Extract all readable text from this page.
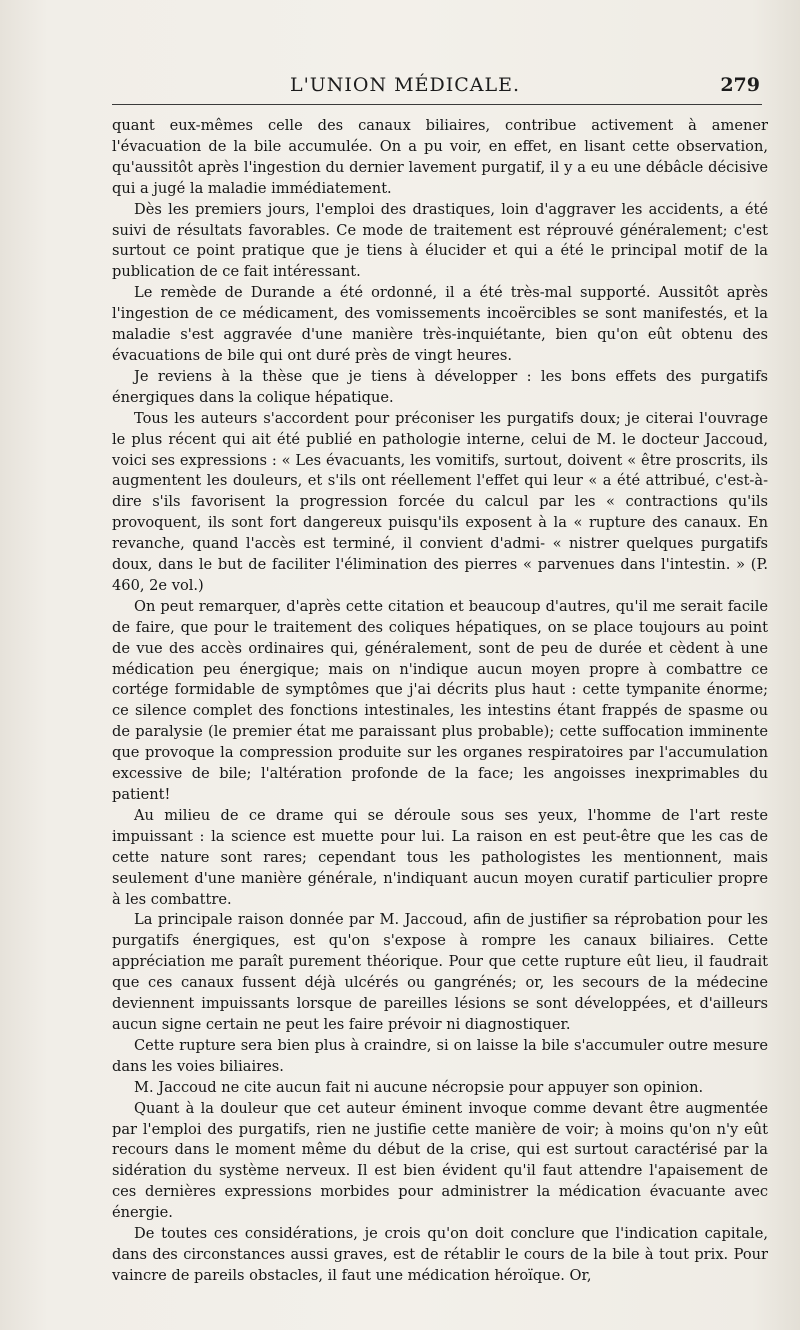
L'UNION MÉDICALE.	279

quant eux-mêmes celle des canaux biliaires, contribue activement à amener l'évacuation de la bile accumulée. On a pu voir, en effet, en lisant cette observation, qu'aussitôt après l'ingestion du dernier lavement purgatif, il y a eu une débâcle décisive qui a jugé la maladie immédiatement.

Dès les premiers jours, l'emploi des drastiques, loin d'aggraver les accidents, a été suivi de résultats favorables. Ce mode de traitement est réprouvé généralement; c'est surtout ce point pratique que je tiens à élucider et qui a été le principal motif de la publication de ce fait intéressant.

Le remède de Durande a été ordonné, il a été très-mal supporté. Aussitôt après l'ingestion de ce médicament, des vomissements incoërcibles se sont manifestés, et la maladie s'est aggravée d'une manière très-inquiétante, bien qu'on eût obtenu des évacuations de bile qui ont duré près de vingt heures.

Je reviens à la thèse que je tiens à développer : les bons effets des purgatifs énergiques dans la colique hépatique.

Tous les auteurs s'accordent pour préconiser les purgatifs doux; je citerai l'ouvrage le plus récent qui ait été publié en pathologie interne, celui de M. le docteur Jaccoud, voici ses expressions : « Les évacuants, les vomitifs, surtout, doivent « être proscrits, ils augmentent les douleurs, et s'ils ont réellement l'effet qui leur « a été attribué, c'est-à-dire s'ils favorisent la progression forcée du calcul par les « contractions qu'ils provoquent, ils sont fort dangereux puisqu'ils exposent à la « rupture des canaux. En revanche, quand l'accès est terminé, il convient d'admi- « nistrer quelques purgatifs doux, dans le but de faciliter l'élimination des pierres « parvenues dans l'intestin. » (P. 460, 2e vol.)

On peut remarquer, d'après cette citation et beaucoup d'autres, qu'il me serait facile de faire, que pour le traitement des coliques hépatiques, on se place toujours au point de vue des accès ordinaires qui, généralement, sont de peu de durée et cèdent à une médication peu énergique; mais on n'indique aucun moyen propre à combattre ce cortége formidable de symptômes que j'ai décrits plus haut : cette tympanite énorme; ce silence complet des fonctions intestinales, les intestins étant frappés de spasme ou de paralysie (le premier état me paraissant plus probable); cette suffocation imminente que provoque la compression produite sur les organes respiratoires par l'accumulation excessive de bile; l'altération profonde de la face; les angoisses inexprimables du patient!

Au milieu de ce drame qui se déroule sous ses yeux, l'homme de l'art reste impuissant : la science est muette pour lui. La raison en est peut-être que les cas de cette nature sont rares; cependant tous les pathologistes les mentionnent, mais seulement d'une manière générale, n'indiquant aucun moyen curatif particulier propre à les combattre.

La principale raison donnée par M. Jaccoud, afin de justifier sa réprobation pour les purgatifs énergiques, est qu'on s'expose à rompre les canaux biliaires. Cette appréciation me paraît purement théorique. Pour que cette rupture eût lieu, il faudrait que ces canaux fussent déjà ulcérés ou gangrénés; or, les secours de la médecine deviennent impuissants lorsque de pareilles lésions se sont développées, et d'ailleurs aucun signe certain ne peut les faire prévoir ni diagnostiquer.

Cette rupture sera bien plus à craindre, si on laisse la bile s'accumuler outre mesure dans les voies biliaires.

M. Jaccoud ne cite aucun fait ni aucune nécropsie pour appuyer son opinion.

Quant à la douleur que cet auteur éminent invoque comme devant être augmentée par l'emploi des purgatifs, rien ne justifie cette manière de voir; à moins qu'on n'y eût recours dans le moment même du début de la crise, qui est surtout caractérisé par la sidération du système nerveux. Il est bien évident qu'il faut attendre l'apaisement de ces dernières expressions morbides pour administrer la médication évacuante avec énergie.

De toutes ces considérations, je crois qu'on doit conclure que l'indication capitale, dans des circonstances aussi graves, est de rétablir le cours de la bile à tout prix. Pour vaincre de pareils obstacles, il faut une médication héroïque. Or,
